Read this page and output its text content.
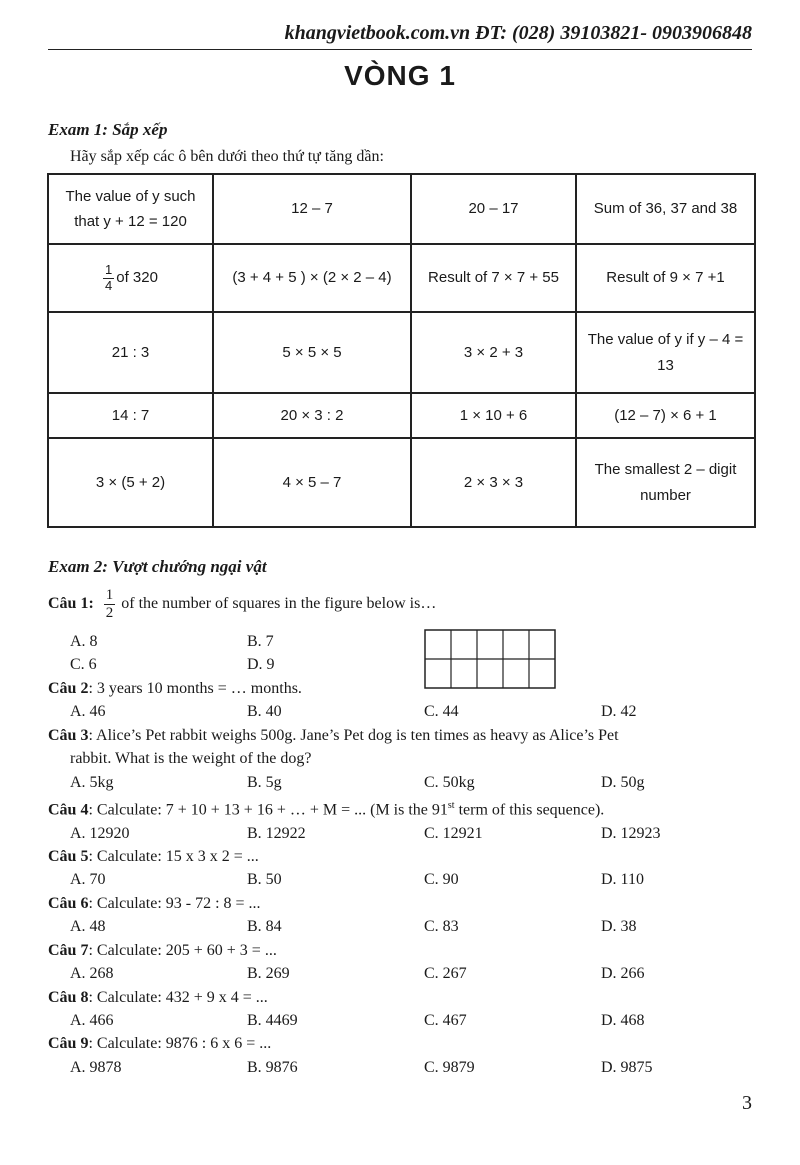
khangvietbook.com.vn ĐT: (028) 39103821- 0903906848
VÒNG 1
Exam 1: Sắp xếp
Hãy sắp xếp các ô bên dưới theo thứ tự tăng dần:
The value of y such that y + 12 = 120	12 – 7	20 – 17	Sum of 36, 37 and 38

$\frac{1}{4}$ of 320	(3 + 4 + 5 ) × (2 × 2 – 4)	Result of 7 × 7 + 55	Result of 9 × 7 +1
21 : 3	5 × 5 × 5	3 × 2 + 3	The value of y if y – 4 = 13
14 : 7	20 × 3 : 2	1 × 10 + 6	(12 – 7) × 6 + 1
3 × (5 + 2)	4 × 5 – 7	2 × 3 × 3	The smallest 2 – digit number
Exam 2: Vượt chướng ngại vật
Câu 1: $\frac{1}{2}$ of the number of squares in the figure below is…
A. 8	B. 7
C. 6	D. 9
Câu 2: 3 years 10 months = … months.
A. 46	B. 40	C. 44	D. 42
Câu 3: Alice’s Pet rabbit weighs 500g. Jane’s Pet dog is ten times as heavy as Alice’s Pet
rabbit. What is the weight of the dog?
A. 5kg	B. 5g	C. 50kg	D. 50g
Câu 4: Calculate: 7 + 10 + 13 + 16 + … + M = ... (M is the 91st term of this sequence).
A. 12920	B. 12922	C. 12921	D. 12923
Câu 5: Calculate: 15 x 3 x 2 = ...
A. 70	B. 50	C. 90	D. 110
Câu 6: Calculate: 93 - 72 : 8 = ...
A. 48	B. 84	C. 83	D. 38
Câu 7: Calculate: 205 + 60 + 3 = ...
A. 268	B. 269	C. 267	D. 266
Câu 8: Calculate: 432 + 9 x 4 = ...
A. 466	B. 4469	C. 467	D. 468
Câu 9: Calculate: 9876 : 6 x 6 = ...
A. 9878	B. 9876	C. 9879	D. 9875
3
